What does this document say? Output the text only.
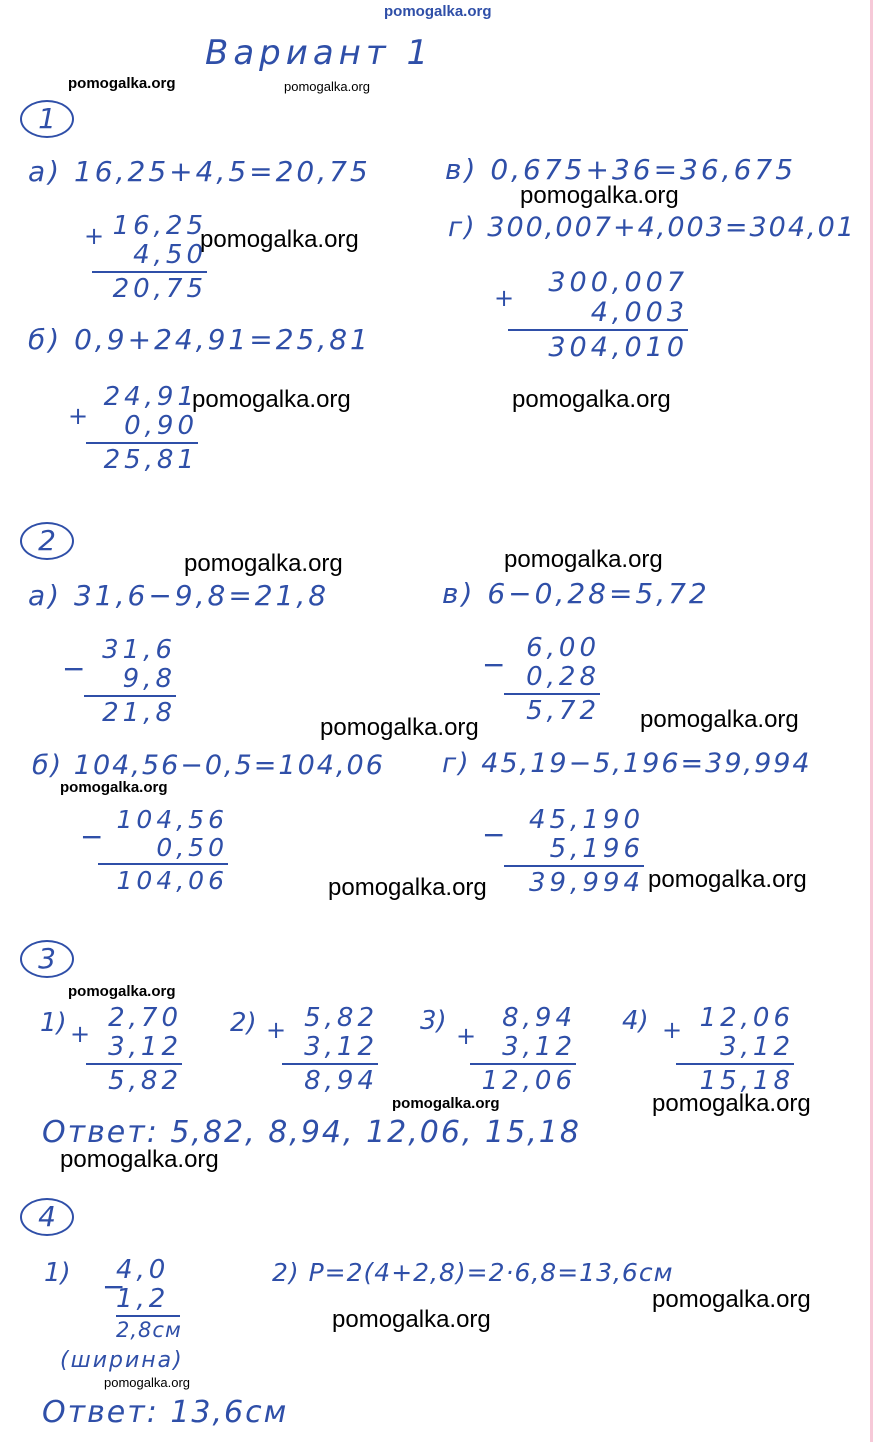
pomogalka.org
Вариант 1
1
а) 16,25+4,5=20,75
+ 16,25
4,50
20,75
б) 0,9+24,91=25,81
+
24,91
0,90
25,81
в) 0,675+36=36,675
г) 300,007+4,003=304,01
+	300,007
4,003
304,010
2
а) 31,6−9,8=21,8
−
31,6
9,8
21,8
б) 104,56−0,5=104,06
−
104,56
0,50
104,06
в) 6−0,28=5,72
− 6,00
0,28
5,72
г) 45,19−5,196=39,994
− 45,190
5,196
39,994
3
1) +
2,70
3,12
5,82
2) + 5,82
3,12
8,94
3) +
8,94
3,12
12,06
4) + 12,06
3,12
15,18
Ответ: 5,82, 8,94, 12,06, 15,18
4
1) −
4,0
1,2
2,8см
(ширина)
2) P=2(4+2,8)=2·6,8=13,6см
Ответ: 13,6см
pomogalka.org	pomogalka.org
pomogalka.org
pomogalka.org
pomogalka.org	pomogalka.org
pomogalka.org
pomogalka.org
pomogalka.org
pomogalka.org
pomogalka.org
pomogalka.org
pomogalka.org
pomogalka.org
pomogalka.org	pomogalka.org
pomogalka.org
pomogalka.org
pomogalka.org
pomogalka.org
